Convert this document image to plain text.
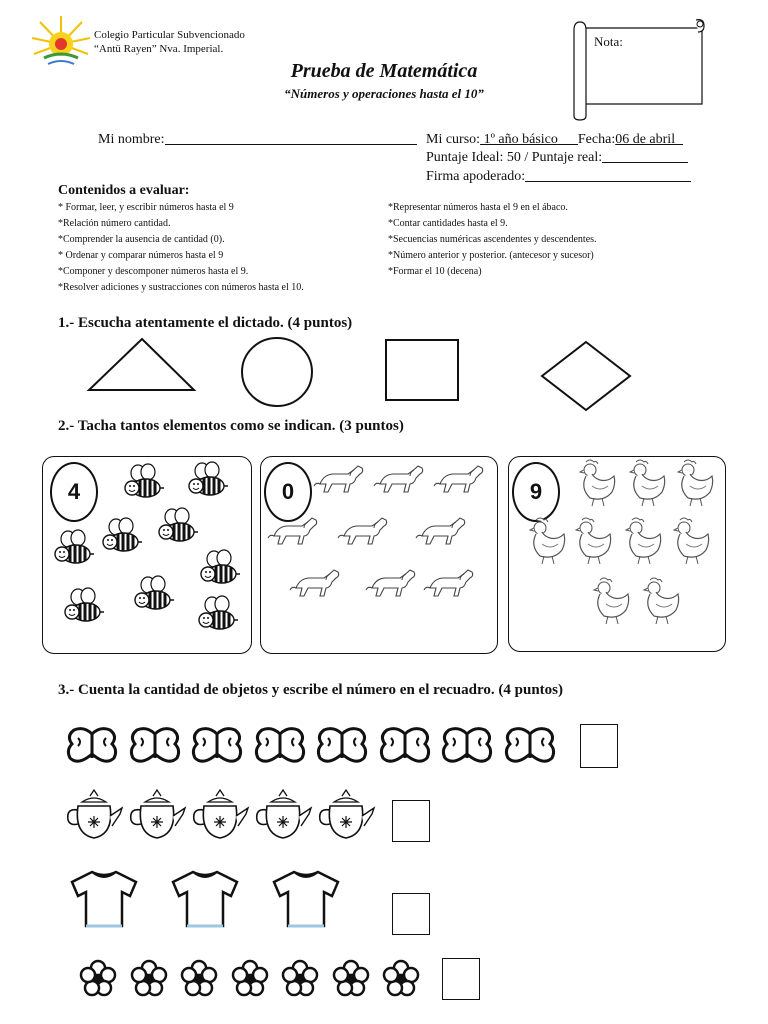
Colegio Particular Subvencionado
“Antü Rayen” Nva. Imperial.
Prueba de Matemática
“Números y operaciones hasta el 10”
Nota:
Mi nombre:	Mi curso: 1º año básico Fecha:06 de abril
Puntaje Ideal: 50 / Puntaje real:
Firma apoderado:
Contenidos a evaluar:
* Formar, leer, y escribir números hasta el 9
*Relación número cantidad.
*Comprender la ausencia de cantidad (0).
* Ordenar y comparar números hasta el 9
*Componer y descomponer números hasta el 9.
*Resolver adiciones y sustracciones con números hasta el 10.
*Representar números hasta el 9 en el ábaco.
*Contar cantidades hasta el 9.
*Secuencias numéricas ascendentes y descendentes.
*Número anterior y posterior. (antecesor y sucesor)
*Formar el 10 (decena)
1.- Escucha atentamente el dictado. (4 puntos)
2.- Tacha tantos elementos como se indican. (3 puntos)
4	0	9
3.- Cuenta la cantidad de objetos y escribe el número en el recuadro. (4 puntos)
